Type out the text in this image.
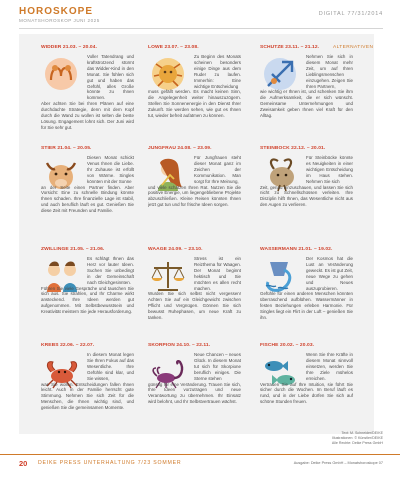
HOROSKOPE
MONATSHOROSKOP JUNI 2025
DIGITAL 77/31/2014
ALTERNATIVEN
WIDDER 21.03. – 20.04.

Voller Tatendrang und kraftstrotzend stürmt das Widder-Kind in den Monat. Sie fühlen sich gut und haben das Gefühl, alles Große könnte zu Ihnen kommen.

Aber achten Sie bei Ihren Plänen auf eine durchdachte Strategie, denn mit dem Kopf durch die Wand zu wollen ist selten die beste Lösung. Engagement lohnt sich. Der Juni wird für Sie sehr gut.

LÖWE 23.07. – 23.08.

Zu Beginn des Monats scheinen besonders einige Dinge aus dem Ruder zu laufen. Immerhin: Eine wichtige Entscheidung

muss gefällt werden. Es macht keinen Sinn, die Angelegenheit weiter hinauszuzögern. Stellen Sie Sonnenenergie in den Dienst Ihrer Zukunft. Sie werden sehen, wie gut es Ihnen tut, wieder befreit aufatmen zu können.

SCHÜTZE 23.11. – 21.12.

Nehmen Sie sich in diesem Monat mehr Zeit, um auf Ihren Lieblingsmenschen einzugehen. Zeigen Sie Ihren Partnern,

wie wichtig er Ihnen ist, und schenken Sie ihm die Aufmerksamkeit, die er sich wünscht. Gemeinsame Unternehmungen und Zweisamkeit geben Ihnen viel Kraft für den Alltag.

STIER 21.04. – 20.05.

Diesen Monat schickt Venus Ihnen die Liebe. Ihr Zuhause ist erfüllt von Wärme. Singles könnten mit der Sonne

an der Seite einen Partner finden. Aber Vorsicht: Eine zu schnelle Bindung könnte Ihnen schaden. Ihre finanzielle Lage ist stabil, und auch beruflich läuft es gut. Genießen Sie diese Zeit mit Freunden und Familie.

JUNGFRAU 24.08. – 23.09.

Für Jungfrauen steht dieser Monat ganz im Zeichen der Kommunikation. Man sorgt für Ihre Meinung,

und viele schätzen Ihren Rat. Nutzen Sie die positive Energie, um liegengebliebene Projekte abzuschließen. Kleine Reisen könnten Ihnen jetzt gut tun und für frische Ideen sorgen.

STEINBOCK 22.12. – 20.01.

Für Steinböcke könnte es Neuigkeiten in einer wichtigen Entscheidung im Haus stehen. Nehmen Sie sich

Zeit, genau hinzuschauen, und lassen Sie sich nicht zu Schnellschüssen verleiten. Ihre Disziplin hilft Ihnen, das Wesentliche nicht aus den Augen zu verlieren.

ZWILLINGE 21.05. – 21.06.

Es schlägt Ihnen das Herz vor lauter Ideen. Suchen Sie unbedingt in der Gemeinschaft nach Gleichgesinnten.

Führen Sie viele Gespräche und tauschen Sie sich aus. Sie strahlen, und Ihr Charme wirkt ansteckend. Ihre Ideen werden gut aufgenommen. Mit Selbstbewusstsein und Kreativität meistern Sie jede Herausforderung.

WAAGE 24.09. – 23.10.

Stress ist ein Reizthema für Waagen. Der Monat beginnt hektisch und Sie möchten es allen recht machen.

Wurden Sie sich selbst nicht vergessen! Achten Sie auf ein Gleichgewicht zwischen Pflicht und Vergnügen. Gönnen Sie sich bewusst Ruhephasen, um neue Kraft zu tanken.

WASSERMANN 21.01. – 19.02.

Der Kosmos hat die Lust an Veränderung geweckt. Es ist gut Zeit, neue Wege zu gehen und Neues auszuprobieren.

Gefühle für einen anderen Menschen könnten überraschend aufblühen. Wassermänner in festen Beziehungen erleben Harmonie. Für Singles liegt ein Flirt in der Luft – genießen Sie ihn.

KREBS 22.06. – 22.07.

In diesem Monat legen Sie Ihren Fokus auf das Wesentliche. Ihre Gefühle sind klar, und Sie wissen,

was Sie wollen. Entscheidungen fallen Ihnen leicht. Auch in der Familie herrscht gute Stimmung. Nehmen Sie sich Zeit für die Menschen, die Ihnen wichtig sind, und genießen Sie die gemeinsamen Momente.

SKORPION 24.10. – 22.11.

Neue Chancen – neues Glück. In diesem Monat tut sich für Skorpione beruflich einiges. Die Sterne stehen

günstig für eine Veränderung. Trauen Sie sich, Ihre Ideen vorzutragen und neue Verantwortung zu übernehmen. Ihr Einsatz wird belohnt, und Ihr Selbstvertrauen wächst.

FISCHE 20.02. – 20.03.

Wenn Sie Ihre Kräfte in diesem Monat sinnvoll einsetzen, werden Sie Ihre Ziele mühelos erreichen.

Vertrauen Sie auf Ihre Intuition, sie führt Sie sicher durch die Wochen. Im Beruf läuft es rund, und in der Liebe dürfen Sie sich auf schöne Stunden freuen.

Text: M. Schneider/DEIKE
Illustrationen: © Künstler/DEIKE
Alle Rechte: Deike Press GmbH
20 DEIKE PRESS UNTERHALTUNG 7/23 SOMMER	Ausgabe: Deike Press GmbH – Monatshoroskope 07
